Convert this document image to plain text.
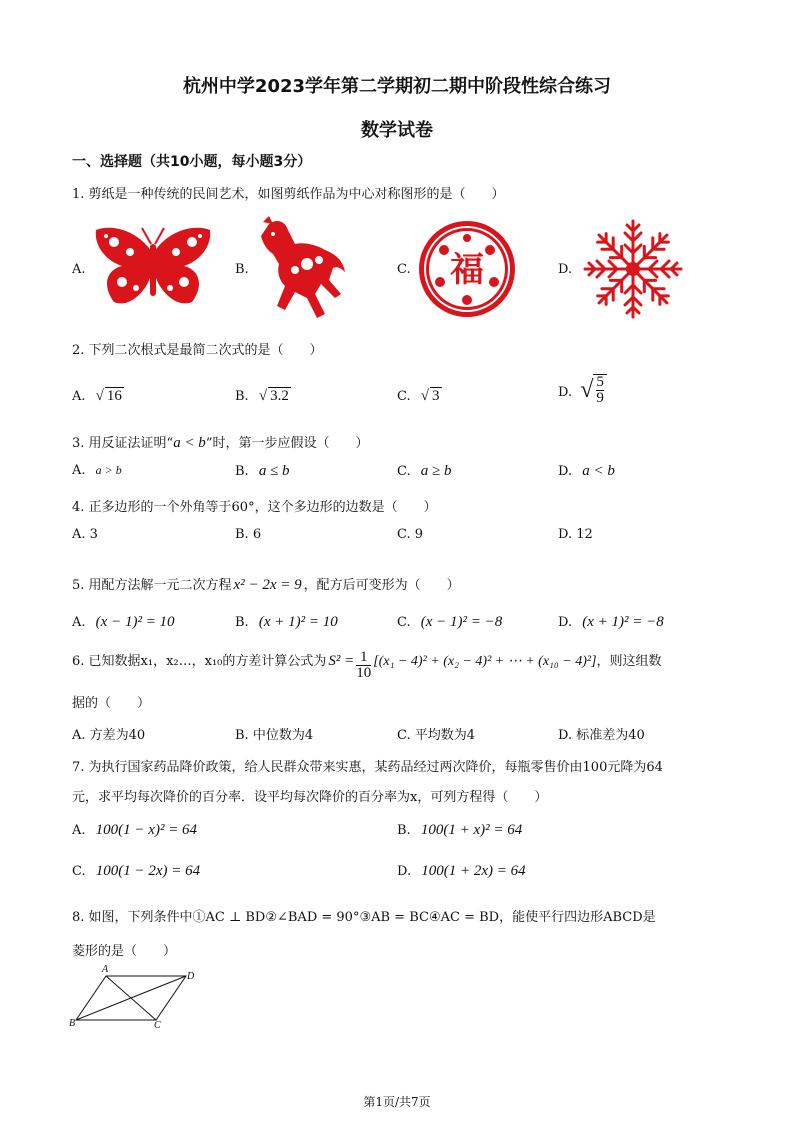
杭州中学2023学年第二学期初二期中阶段性综合练习
数学试卷
一、选择题（共10小题，每小题3分）
1. 剪纸是一种传统的民间艺术，如图剪纸作品为中心对称图形的是（　　）
A.	B.	C.	D.
福
2. 下列二次根式是最简二次式的是（　　）
A. √ 16	B. √ 3.2	C. √ 3	D. √ $\frac{5}{9}$
3. 用反证法证明“a < b”时，第一步应假设（　　）
A. a > b	B. a ≤ b	C. a ≥ b	D. a < b
4. 正多边形的一个外角等于60°，这个多边形的边数是（　　）
A. 3	B. 6	C. 9	D. 12
5. 用配方法解一元二次方程 x² − 2x = 9 ，配方后可变形为（　　）
A. (x − 1)² = 10	B. (x + 1)² = 10	C. (x − 1)² = −8	D. (x + 1)² = −8
6. 已知数据x₁，x₂…，x₁₀的方差计算公式为 $S^2 = \frac{1}{10} [(x_1 - 4)^2 + (x_2 - 4)^2$ + ⋯ + (x₁₀ − 4)²]，则这组数
据的（　　）
A. 方差为40	B. 中位数为4	C. 平均数为4	D. 标准差为40
7. 为执行国家药品降价政策，给人民群众带来实惠，某药品经过两次降价，每瓶零售价由100元降为64
元，求平均每次降价的百分率．设平均每次降价的百分率为x，可列方程得（　　）
A. 100(1 − x)² = 64	B. 100(1 + x)² = 64
C. 100(1 − 2x) = 64	D. 100(1 + 2x) = 64
8. 如图，下列条件中①AC ⊥ BD②∠BAD = 90°③AB = BC④AC = BD，能使平行四边形ABCD是
菱形的是（　　）
A
D
B	C
第1页/共7页
